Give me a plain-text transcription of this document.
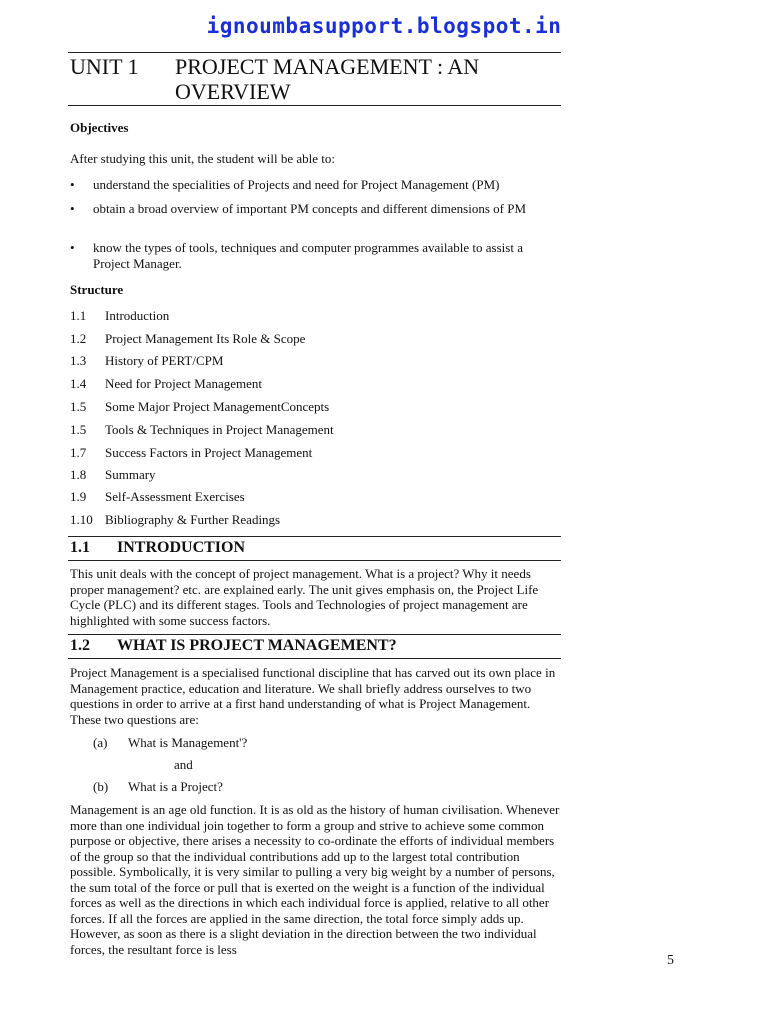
ignoumbasupport.blogspot.in
UNIT 1 PROJECT MANAGEMENT : AN OVERVIEW
Objectives
After studying this unit, the student will be able to:
• understand the specialities of Projects and need for Project Management (PM)
• obtain a broad overview of important PM concepts and different dimensions of PM
• know the types of tools, techniques and computer programmes available to assist a Project Manager.
Structure
1.1 Introduction
1.2 Project Management Its Role & Scope
1.3 History of PERT/CPM
1.4 Need for Project Management
1.5 Some Major Project ManagementConcepts
1.5 Tools & Techniques in Project Management
1.7 Success Factors in Project Management
1.8 Summary
1.9 Self-Assessment Exercises
1.10 Bibliography & Further Readings
1.1 INTRODUCTION
This unit deals with the concept of project management. What is a project? Why it needs proper management? etc. are explained early. The unit gives emphasis on, the Project Life Cycle (PLC) and its different stages. Tools and Technologies of project management are highlighted with some success factors.
1.2 WHAT IS PROJECT MANAGEMENT?
Project Management is a specialised functional discipline that has carved out its own place in Management practice, education and literature. We shall briefly address ourselves to two questions in order to arrive at a first hand understanding of what is Project Management. These two questions are:
(a) What is Management'?
and
(b) What is a Project?
Management is an age old function. It is as old as the history of human civilisation. Whenever more than one individual join together to form a group and strive to achieve some common purpose or objective, there arises a necessity to co-ordinate the efforts of individual members of the group so that the individual contributions add up to the largest total contribution possible. Symbolically, it is very similar to pulling a very big weight by a number of persons, the sum total of the force or pull that is exerted on the weight is a function of the individual forces as well as the directions in which each individual force is applied, relative to all other forces. If all the forces are applied in the same direction, the total force simply adds up. However, as soon as there is a slight deviation in the direction between the two individual forces, the resultant force is less
5
